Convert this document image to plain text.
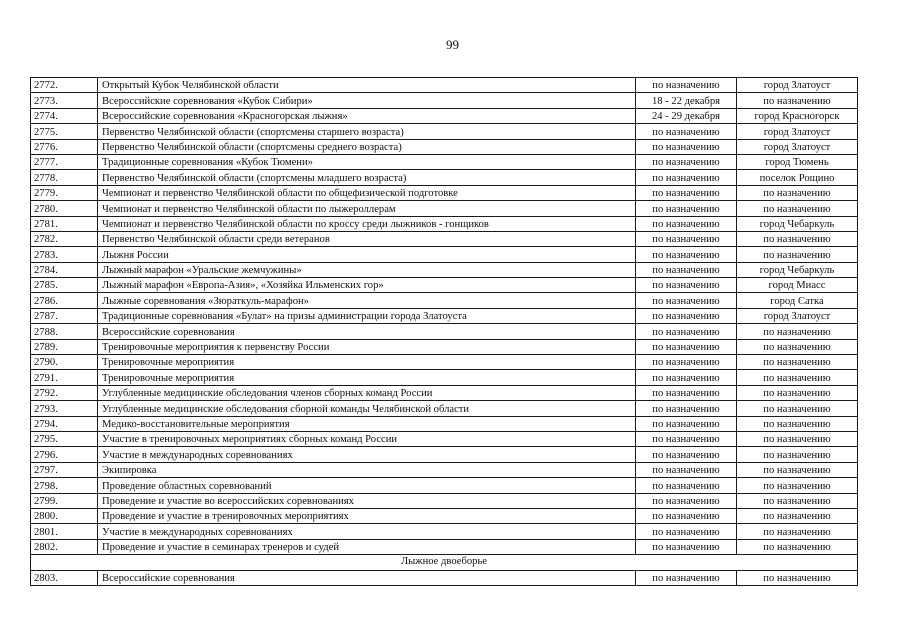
99
2772.	Открытый Кубок Челябинской области	по назначению	город Златоуст
2773.	Всероссийские соревнования «Кубок Сибири»	18 - 22 декабря	по назначению
2774.	Всероссийские соревнования «Красногорская лыжня»	24 - 29 декабря	город Красногорск
2775.	Первенство Челябинской области (спортсмены старшего возраста)	по назначению	город Златоуст
2776.	Первенство Челябинской области (спортсмены среднего возраста)	по назначению	город Златоуст
2777.	Традиционные соревнования «Кубок Тюмени»	по назначению	город Тюмень
2778.	Первенство Челябинской области (спортсмены младшего возраста)	по назначению	поселок Рощино
2779.	Чемпионат и первенство Челябинской области по общефизической подготовке	по назначению	по назначению
2780.	Чемпионат и первенство Челябинской области по лыжероллерам	по назначению	по назначению
2781.	Чемпионат и первенство Челябинской области по кроссу среди лыжников - гонщиков	по назначению	город Чебаркуль
2782.	Первенство Челябинской области среди ветеранов	по назначению	по назначению
2783.	Лыжня России	по назначению	по назначению
2784.	Лыжный марафон «Уральские жемчужины»	по назначению	город Чебаркуль
2785.	Лыжный марафон «Европа-Азия», «Хозяйка Ильменских гор»	по назначению	город Миасс
2786.	Лыжные соревнования «Зюраткуль-марафон»	по назначению	город Сатка
2787.	Традиционные соревнования «Булат» на призы администрации города Златоуста	по назначению	город Златоуст
2788.	Всероссийские соревнования	по назначению	по назначению
2789.	Тренировочные мероприятия к первенству России	по назначению	по назначению
2790.	Тренировочные мероприятия	по назначению	по назначению
2791.	Тренировочные мероприятия	по назначению	по назначению
2792.	Углубленные медицинские обследования членов сборных команд России	по назначению	по назначению
2793.	Углубленные медицинские обследования сборной команды Челябинской области	по назначению	по назначению
2794.	Медико-восстановительные мероприятия	по назначению	по назначению
2795.	Участие в тренировочных мероприятиях сборных команд России	по назначению	по назначению
2796.	Участие в международных соревнованиях	по назначению	по назначению
2797.	Экипировка	по назначению	по назначению
2798.	Проведение областных соревнований	по назначению	по назначению
2799.	Проведение и участие во всероссийских соревнованиях	по назначению	по назначению
2800.	Проведение и участие в тренировочных мероприятиях	по назначению	по назначению
2801.	Участие в международных соревнованиях	по назначению	по назначению
2802.	Проведение и участие в семинарах тренеров и судей	по назначению	по назначению
Лыжное двоеборье			
2803.	Всероссийские соревнования	по назначению	по назначению
